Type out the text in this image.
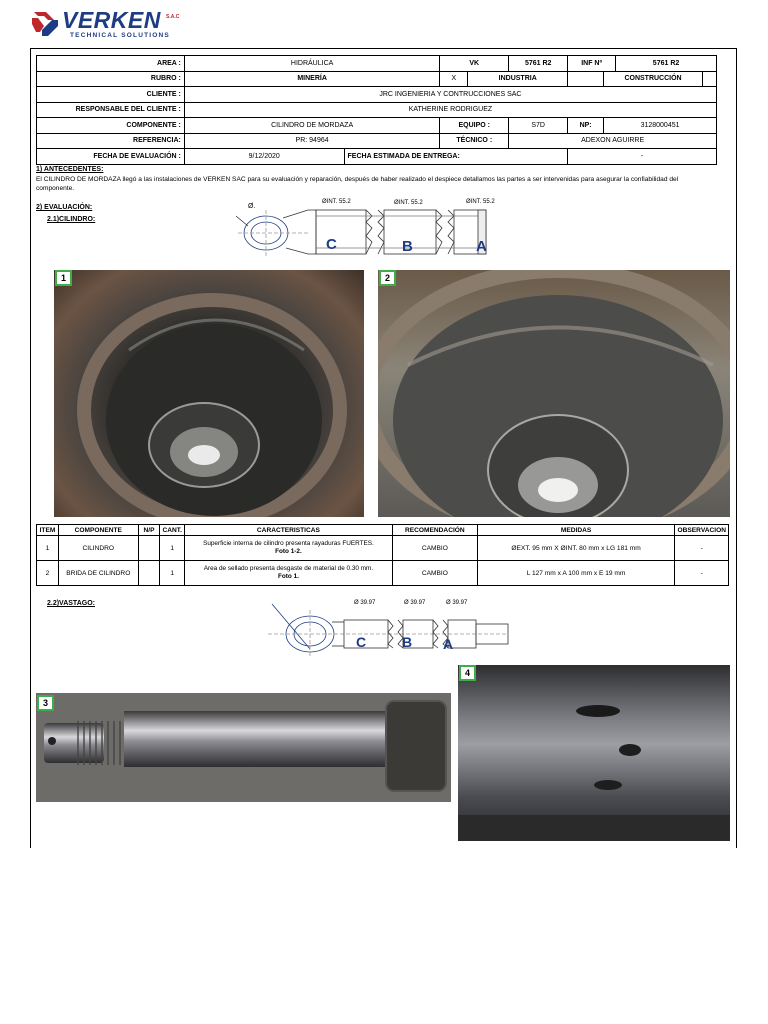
VERKEN
TECHNICAL SOLUTIONS
S.A.C
AREA :	HIDRÁULICA		VK		5761 R2	INF Nº		5761 R2	
RUBRO :	MINERÍA		X	INDUSTRIA			CONSTRUCCIÓN		
CLIENTE :	JRC INGENIERIA Y CONTRUCCIONES SAC								
RESPONSABLE DEL CLIENTE :	KATHERINE RODRIGUEZ								
COMPONENTE :	CILINDRO DE MORDAZA		EQUIPO :		S7D	NP:	3128000451		
REFERENCIA:	PR: 94964		TÉCNICO :		ADEXON AGUIRRE				
FECHA DE EVALUACIÓN :	9/12/2020	FECHA ESTIMADA DE ENTREGA:				-			
1) ANTECEDENTES:
El CILINDRO DE MORDAZA llegó a las instalaciones de VERKEN SAC para su evaluación y reparación, después de haber realizado el despiece detallamos las partes a ser intervenidas para asegurar la confiabilidad del componente.
2) EVALUACIÓN:
2.1)CILINDRO:
Ø.
ØINT. 55.2	ØINT. 55.2	ØINT. 55.2
C	B	A
1	2
ITEM	COMPONENTE	N/P	CANT.	CARACTERISTICAS	RECOMENDACIÓN	MEDIDAS	OBSERVACION
1	CILINDRO		1	Superficie interna de cilindro presenta rayaduras FUERTES.
Foto 1-2.	CAMBIO	ØEXT. 95 mm X ØINT. 80 mm x LG 181 mm	-
2	BRIDA DE CILINDRO		1	Area de sellado presenta desgaste de material de 0.30 mm.
Foto 1.	CAMBIO	L 127 mm x A 100 mm x E 19 mm	-
2.2)VASTAGO:	Ø 39.97	Ø 39.97	Ø 39.97
C	B A
3
4
